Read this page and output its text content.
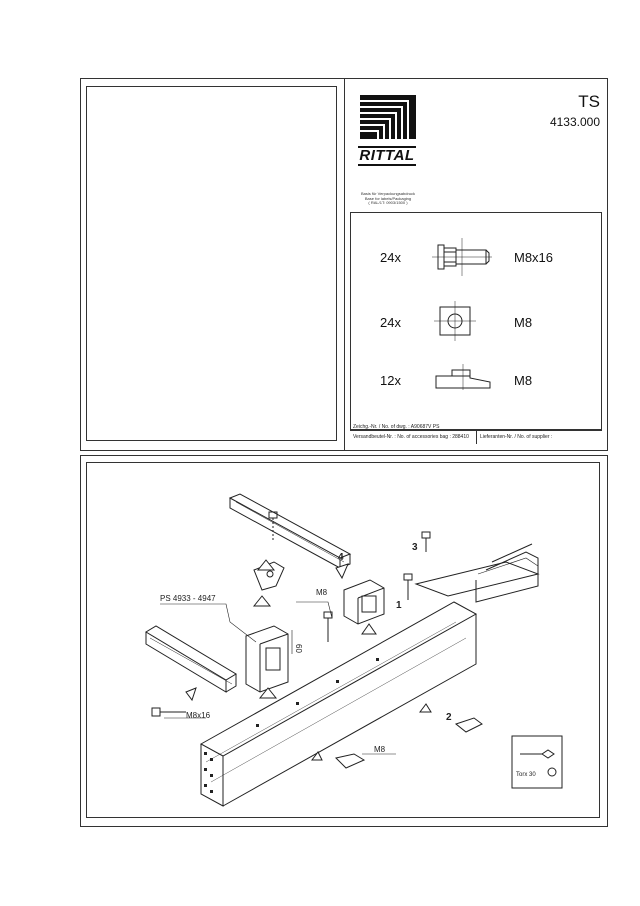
RITTAL
TS
4133.000
Basis für Verpackungsabdruck
Base for labels/Packaging
( RAL/1T: 0903/1500 )
24x	M8x16
24x	M8
12x	M8
Zeichg.-Nr. / No. of dwg. : A90687V PS
Versandbeutel-Nr. : No. of accessories bag : 288410 Lieferanten-Nr. / No. of supplier :
PS 4933 - 4947
M8
60
M8x16
M8
1
2
3
4
Torx 30
